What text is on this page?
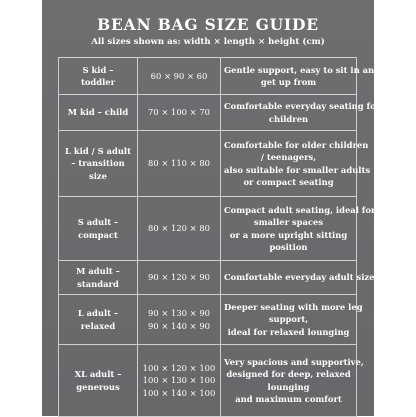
BEAN BAG SIZE GUIDE
All sizes shown as: width × length × height (cm)
S kid –
toddler	60 × 90 × 60	Gentle support, easy to sit in and
get up from

M kid – child	70 × 100 × 70	Comfortable everyday seating for
children

L kid / S adult
– transition
size	80 × 110 × 80	Comfortable for older children
/ teenagers,
also suitable for smaller adults
or compact seating

S adult –
compact	80 × 120 × 80	Compact adult seating, ideal for
smaller spaces
or a more upright sitting
position

M adult –
standard	90 × 120 × 90	Comfortable everyday adult size

L adult –
relaxed	90 × 130 × 90
90 × 140 × 90	Deeper seating with more leg
support,
ideal for relaxed lounging

XL adult –
generous	100 × 120 × 100
100 × 130 × 100
100 × 140 × 100	Very spacious and supportive,
designed for deep, relaxed
lounging
and maximum comfort
